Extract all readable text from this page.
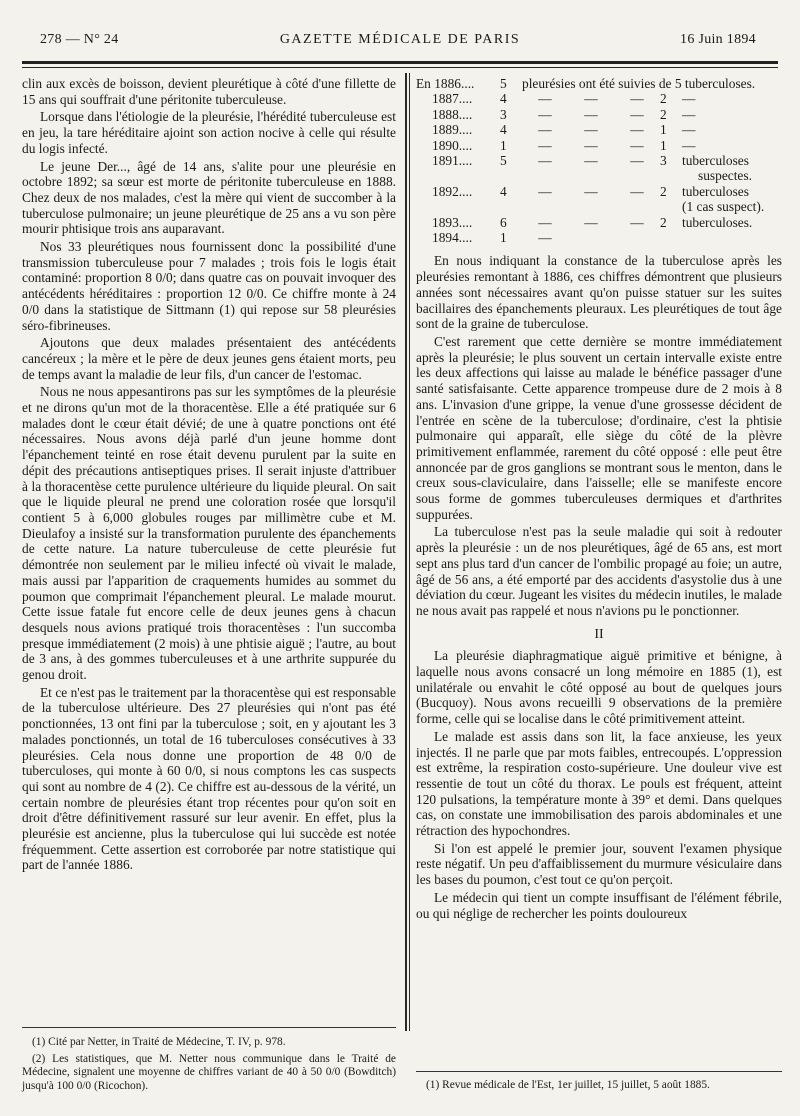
278 — N° 24	GAZETTE MÉDICALE DE PARIS	16 Juin 1894

clin aux excès de boisson, devient pleurétique à côté d'une fillette de 15 ans qui souffrait d'une péritonite tuberculeuse.

Lorsque dans l'étiologie de la pleurésie, l'hérédité tuberculeuse est en jeu, la tare héréditaire ajoint son action nocive à celle qui résulte du logis infecté.

Le jeune Der..., âgé de 14 ans, s'alite pour une pleurésie en octobre 1892; sa sœur est morte de péritonite tuberculeuse en 1888. Chez deux de nos malades, c'est la mère qui vient de succomber à la tuberculose pulmonaire; un jeune pleurétique de 25 ans a vu son père mourir phtisique trois ans auparavant.

Nos 33 pleurétiques nous fournissent donc la possibilité d'une transmission tuberculeuse pour 7 malades ; trois fois le logis était contaminé: proportion 8 0/0; dans quatre cas on pouvait invoquer des antécédents héréditaires : proportion 12 0/0. Ce chiffre monte à 24 0/0 dans la statistique de Sittmann (1) qui repose sur 58 pleurésies séro-fibrineuses.

Ajoutons que deux malades présentaient des antécédents cancéreux ; la mère et le père de deux jeunes gens étaient morts, peu de temps avant la maladie de leur fils, d'un cancer de l'estomac.

Nous ne nous appesantirons pas sur les symptômes de la pleurésie et ne dirons qu'un mot de la thoracentèse. Elle a été pratiquée sur 6 malades dont le cœur était dévié; de une à quatre ponctions ont été nécessaires. Nous avons déjà parlé d'un jeune homme dont l'épanchement teinté en rose était devenu purulent par la suite en dépit des précautions antiseptiques prises. Il serait injuste d'attribuer à la thoracentèse cette purulence ultérieure du liquide pleural. On sait que le liquide pleural ne prend une coloration rosée que lorsqu'il contient 5 à 6,000 globules rouges par millimètre cube et M. Dieulafoy a insisté sur la transformation purulente des épanchements de cette nature. La nature tuberculeuse de cette pleurésie fut démontrée non seulement par le milieu infecté où vivait le malade, mais aussi par l'apparition de craquements humides au sommet du poumon que comprimait l'épanchement pleural. Le malade mourut. Cette issue fatale fut encore celle de deux jeunes gens à chacun desquels nous avions pratiqué trois thoracentèses : l'un succomba presque immédiatement (2 mois) à une phtisie aiguë ; l'autre, au bout de 3 ans, à des gommes tuberculeuses et à une arthrite suppurée du genou droit.

Et ce n'est pas le traitement par la thoracentèse qui est responsable de la tuberculose ultérieure. Des 27 pleurésies qui n'ont pas été ponctionnées, 13 ont fini par la tuberculose ; soit, en y ajoutant les 3 malades ponctionnés, un total de 16 tuberculoses consécutives à 33 pleurésies. Cela nous donne une proportion de 48 0/0 de tuberculoses, qui monte à 60 0/0, si nous comptons les cas suspects qui sont au nombre de 4 (2). Ce chiffre est au-dessous de la vérité, un certain nombre de pleurésies étant trop récentes pour qu'on soit en droit d'être définitivement rassuré sur leur avenir. En effet, plus la pleurésie est ancienne, plus la tuberculose qui lui succède est notée fréquemment. Cette assertion est corroborée par notre statistique qui part de l'année 1886.

(1) Cité par Netter, in Traité de Médecine, T. IV, p. 978.

(2) Les statistiques, que M. Netter nous communique dans le Traité de Médecine, signalent une moyenne de chiffres variant de 40 à 50 0/0 (Bowditch) jusqu'à 100 0/0 (Ricochon).

En 1886....	5	pleurésies ont été suivies de 5 tuberculoses.				
1887....	4	—	—	—	2	—
1888....	3	—	—	—	2	—
1889....	4	—	—	—	1	—
1890....	1	—	—	—	1	—
1891....	5	—	—	—	3	tuberculoses
						suspectes.
1892....	4	—	—	—	2	tuberculoses
						(1 cas suspect).
1893....	6	—	—	—	2	tuberculoses.
1894....	1	—				

En nous indiquant la constance de la tuberculose après les pleurésies remontant à 1886, ces chiffres démontrent que plusieurs années sont nécessaires avant qu'on puisse statuer sur les suites bacillaires des épanchements pleuraux. Les pleurétiques de tout âge sont de la graine de tuberculose.

C'est rarement que cette dernière se montre immédiatement après la pleurésie; le plus souvent un certain intervalle existe entre les deux affections qui laisse au malade le bénéfice passager d'une santé satisfaisante. Cette apparence trompeuse dure de 2 mois à 8 ans. L'invasion d'une grippe, la venue d'une grossesse décident de l'entrée en scène de la tuberculose; d'ordinaire, c'est la phtisie pulmonaire qui apparaît, elle siège du côté de la plèvre primitivement enflammée, rarement du côté opposé : elle peut être annoncée par de gros ganglions se montrant sous le menton, dans le creux sous-claviculaire, dans l'aisselle; elle se manifeste encore sous forme de gommes tuberculeuses dermiques et d'arthrites suppurées.

La tuberculose n'est pas la seule maladie qui soit à redouter après la pleurésie : un de nos pleurétiques, âgé de 65 ans, est mort sept ans plus tard d'un cancer de l'ombilic propagé au foie; un autre, âgé de 56 ans, a été emporté par des accidents d'asystolie dus à une déviation du cœur. Jugeant les visites du médecin inutiles, le malade ne nous avait pas rappelé et nous n'avions pu le ponctionner.

II

La pleurésie diaphragmatique aiguë primitive et bénigne, à laquelle nous avons consacré un long mémoire en 1885 (1), est unilatérale ou envahit le côté opposé au bout de quelques jours (Bucquoy). Nous avons recueilli 9 observations de la première forme, celle qui se localise dans le côté primitivement atteint.

Le malade est assis dans son lit, la face anxieuse, les yeux injectés. Il ne parle que par mots faibles, entrecoupés. L'oppression est extrême, la respiration costo-supérieure. Une douleur vive est ressentie de tout un côté du thorax. Le pouls est fréquent, atteint 120 pulsations, la température monte à 39° et demi. Dans quelques cas, on constate une immobilisation des parois abdominales et une rétraction des hypochondres.

Si l'on est appelé le premier jour, souvent l'examen physique reste négatif. Un peu d'affaiblissement du murmure vésiculaire dans les bases du poumon, c'est tout ce qu'on perçoit.

Le médecin qui tient un compte insuffisant de l'élément fébrile, ou qui néglige de rechercher les points douloureux

(1) Revue médicale de l'Est, 1er juillet, 15 juillet, 5 août 1885.
